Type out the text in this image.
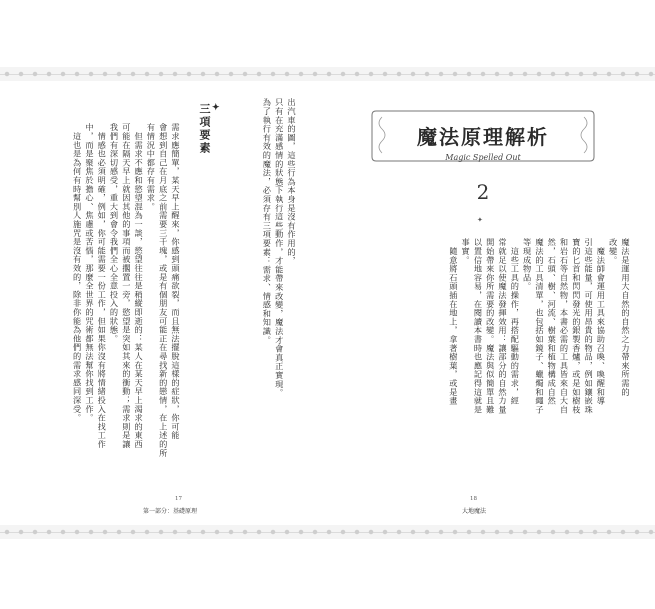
魔法原理解析
Magic Spelled Out
2
✦
魔法是運用大自然的自然之力帶來所需的
改變。
　魔法師會運用工具來協助召喚、喚醒和導
引這些能量，可使用昂貴的物品，例如鑲嵌珠
寶的匕首和閃閃發光的銀製香爐，或是如樹枝
和岩石等自然物，本書必需的工具皆來自大自
然，石頭、樹、河流、樹葉和植物構成自然
魔法的工具清單，也包括如鏡子、蠟燭和繩子
等現成物品。
　這些工具的操作，再搭配驅動的需求，經
常就足以使魔法發揮效用：讓部分的自然力量
開始帶來你所需要的改變。魔法與似簡單且難
以置信地容易，在閱讀本書時也應記得這就是
事實。
　隨意將石頭插在地上，拿著樹葉，或是畫
出汽車的圖，這些行為本身是沒有作用的，
只有在充滿感情的狀態下執行這些動作，才能帶來改變，魔法才會真正實現。
為了執行有效的魔法，必須存有三項要素：需求、情感和知識。
✦
三項要素
需求應簡單，某天早上醒來，你感到頭痛欲裂，而且無法擺脫這樣的症狀，你可能
會想到自己在月底之前需要三千塊，或是有個朋友可能正在尋找新的戀情，在上述的所
有情況中都存有需求。
　但需求不應和慾望混為一談，慾望往往是稍縱即逝的：某人在某天早上渴求的東西
可能在隔天早上就因其他的事項而被擱置一旁，慾望是突如其來的衝動；需求則是讓
我們有深切感受，重大到會令我們全心全意投入的狀態。
　情感也必須明確，例如，你可能需要一份工作，但如果你沒有將情緒投入在找工作
中，而是聚焦於擔心、焦慮或苦惱，那麼全世界的咒術都無法幫你找到工作。
　這也是為何有時幫別人施咒是沒有效的，除非你能為他們的需求感同深受。
17
第一部分：基礎原理
18
大地魔法
